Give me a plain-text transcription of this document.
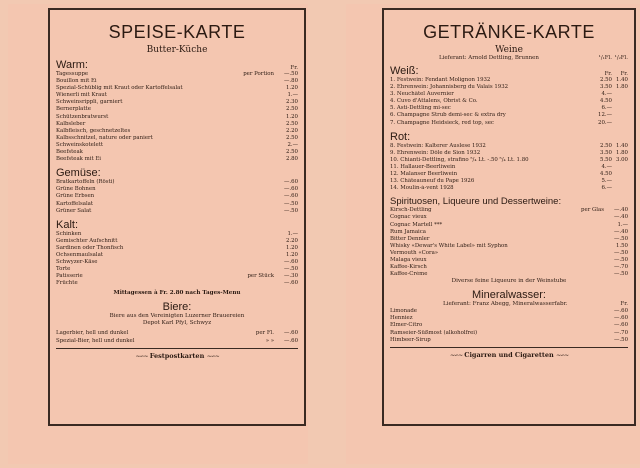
SPEISE-KARTE
Butter-Küche
Warm:	Fr.
Tagessuppe	per Portion	—.50
Bouillon mit Ei	—.80
Spezial-Schüblig mit Kraut oder Kartoffelsalat	1.20
Wienerli mit Kraut	1.—
Schweinsrippli, garniert	2.30
Bernerplatte	2.50
Schützenbratwurst	1.20
Kalbsleber	2.50
Kalbfleisch, geschnetzeltes	2.20
Kalbsschnitzel, nature oder paniert	2.50
Schweinskotelett	2.—
Beefsteak	2.50
Beefsteak mit Ei	2.80
Gemüse:
Bratkartoffeln (Rösti)	—.60
Grüne Bohnen	—.60
Grüne Erbsen	—.60
Kartoffelsalat	—.50
Grüner Salat	—.50
Kalt:
Schinken	1.—
Gemischter Aufschnitt	2.20
Sardinen oder Thonfisch	1.20
Ochsenmaulsalat	1.20
Schwyzer-Käse	—.60
Torte	—.50
Patisserie	per Stück	—.30
Früchte	—.60
Mittagessen à Fr. 2.80 nach Tages-Menu
Biere:
Biere aus den Vereinigten Luzerner Brauereien
Depot Karl Pfyl, Schwyz
Lagerbier, hell und dunkel	per Fl.	—.60
Spezial-Bier, hell und dunkel	» »	—.60
∼∽∼ Festpostkarten ∼∽∼
GETRÄNKE-KARTE
Weine
Lieferant: Arnold Dettling, Brunnen	¹/₁Fl. ¹/₂Fl.
Weiß:	Fr.	Fr.
1. Festwein: Fendant Molignon 1932	2.50 1.40
2. Ehrenwein: Johannisberg du Valais 1932	3.50 1.80
3. Neuchâtel Auvernier	4.—
4. Cuvo d'Attalens, Obrist & Co.	4.50
5. Asti-Dettling mi-sec	6.—
6. Champagne Strub demi-sec & extra dry	12.—
7. Champagne Heidsieck, red top, sec	20.—
Rot:
8. Festwein: Kalterer Auslese 1932	2.50 1.40
9. Ehrenwein: Dôle de Sion 1932	3.50 1.80
10. Chianti-Dettling, strafino ⁵/₄ Lt. -.50 ⁵/₄ Lt. 1.80	5.50 3.00
11. Hallauer-Beerliwein	4.—
12. Malanser Beerliwein	4.50
13. Châteauneuf du Pape 1926	5.—
14. Moulin-à-vent 1928	6.—
Spirituosen, Liqueure und Dessertweine:
Kirsch-Dettling	per Glas	—.40
Cognac vieux	—.40
Cognac Martell ***	1.—
Rum Jamaica	—.40
Bitter Dennler	—.50
Whisky «Dewar's White Label» mit Syphon	1.50
Vermouth «Cora»	—.50
Malaga vieux	—.50
Kaffee-Kirsch	—.70
Kaffee-Crème	—.50
Diverse feine Liqueure in der Weinstube
Mineralwasser:
Lieferant: Franz Abegg, Mineralwasserfabr.	Fr.
Limonade	—.60
Henniez	—.60
Elmer-Citro	—.60
Ramseier-Süßmost (alkoholfrei)	—.70
Himbeer-Sirup	—.50
∼∽∼ Cigarren und Cigaretten ∼∽∼
